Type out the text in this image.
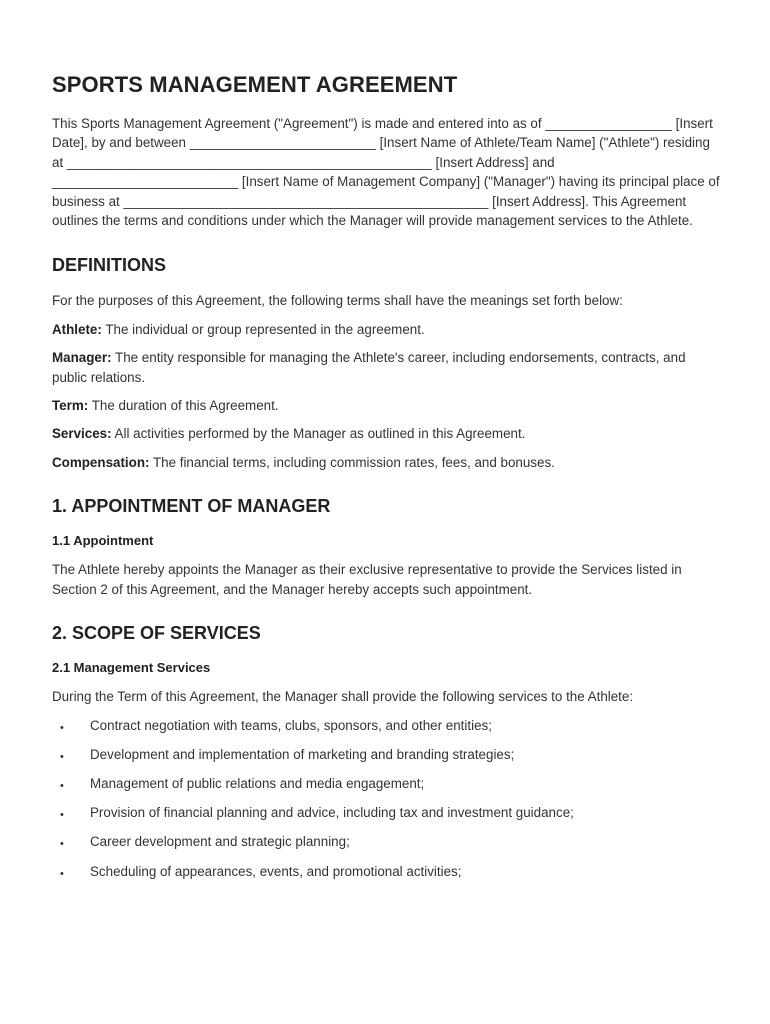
SPORTS MANAGEMENT AGREEMENT

This Sports Management Agreement ("Agreement") is made and entered into as of _________________ [Insert Date], by and between _________________________ [Insert Name of Athlete/Team Name] ("Athlete") residing at _________________________________________________ [Insert Address] and _________________________ [Insert Name of Management Company] ("Manager") having its principal place of business at _________________________________________________ [Insert Address]. This Agreement outlines the terms and conditions under which the Manager will provide management services to the Athlete.

DEFINITIONS

For the purposes of this Agreement, the following terms shall have the meanings set forth below:

Athlete: The individual or group represented in the agreement.

Manager: The entity responsible for managing the Athlete's career, including endorsements, contracts, and public relations.

Term: The duration of this Agreement.

Services: All activities performed by the Manager as outlined in this Agreement.

Compensation: The financial terms, including commission rates, fees, and bonuses.

1. APPOINTMENT OF MANAGER
1.1 Appointment

The Athlete hereby appoints the Manager as their exclusive representative to provide the Services listed in Section 2 of this Agreement, and the Manager hereby accepts such appointment.

2. SCOPE OF SERVICES
2.1 Management Services

During the Term of this Agreement, the Manager shall provide the following services to the Athlete:

• Contract negotiation with teams, clubs, sponsors, and other entities;
• Development and implementation of marketing and branding strategies;
• Management of public relations and media engagement;
• Provision of financial planning and advice, including tax and investment guidance;
• Career development and strategic planning;
• Scheduling of appearances, events, and promotional activities;
